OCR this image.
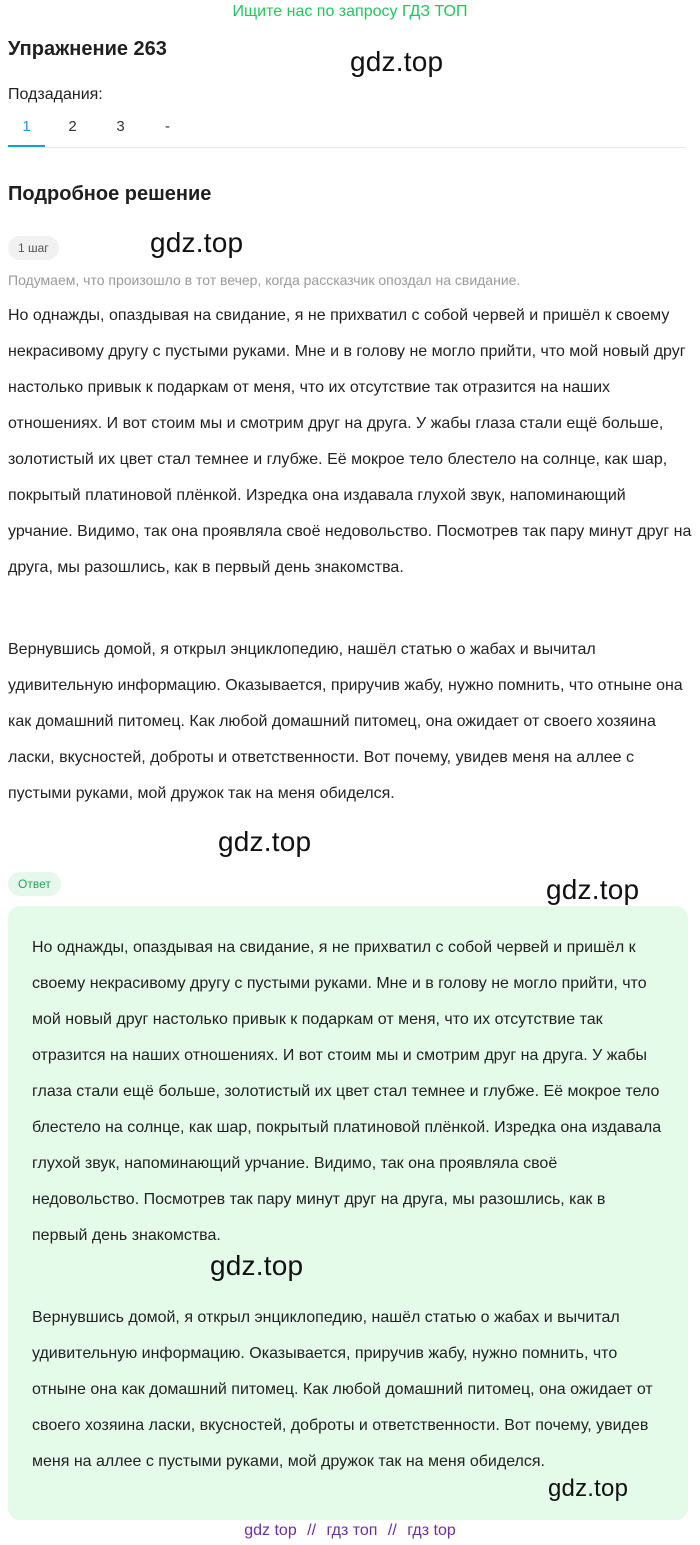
Ищите нас по запросу ГДЗ ТОП
Упражнение 263	gdz.top
Подзадания:
1	2	3	-
Подробное решение
1 шаг	gdz.top
Подумаем, что произошло в тот вечер, когда рассказчик опоздал на свидание.

Но однажды, опаздывая на свидание, я не прихватил с собой червей и пришёл к своему некрасивому другу с пустыми руками. Мне и в голову не могло прийти, что мой новый друг настолько привык к подаркам от меня, что их отсутствие так отразится на наших отношениях. И вот стоим мы и смотрим друг на друга. У жабы глаза стали ещё больше, золотистый их цвет стал темнее и глубже. Её мокрое тело блестело на солнце, как шар, покрытый платиновой плёнкой. Изредка она издавала глухой звук, напоминающий урчание. Видимо, так она проявляла своё недовольство. Посмотрев так пару минут друг на друга, мы разошлись, как в первый день знакомства.

Вернувшись домой, я открыл энциклопедию, нашёл статью о жабах и вычитал удивительную информацию. Оказывается, приручив жабу, нужно помнить, что отныне она как домашний питомец. Как любой домашний питомец, она ожидает от своего хозяина ласки, вкусностей, доброты и ответственности. Вот почему, увидев меня на аллее с пустыми руками, мой дружок так на меня обиделся.

gdz.top
Ответ	gdz.top

Но однажды, опаздывая на свидание, я не прихватил с собой червей и пришёл к своему некрасивому другу с пустыми руками. Мне и в голову не могло прийти, что мой новый друг настолько привык к подаркам от меня, что их отсутствие так отразится на наших отношениях. И вот стоим мы и смотрим друг на друга. У жабы глаза стали ещё больше, золотистый их цвет стал темнее и глубже. Её мокрое тело блестело на солнце, как шар, покрытый платиновой плёнкой. Изредка она издавала глухой звук, напоминающий урчание. Видимо, так она проявляла своё недовольство. Посмотрев так пару минут друг на друга, мы разошлись, как в первый день знакомства.

gdz.top

Вернувшись домой, я открыл энциклопедию, нашёл статью о жабах и вычитал удивительную информацию. Оказывается, приручив жабу, нужно помнить, что отныне она как домашний питомец. Как любой домашний питомец, она ожидает от своего хозяина ласки, вкусностей, доброты и ответственности. Вот почему, увидев меня на аллее с пустыми руками, мой дружок так на меня обиделся.

gdz.top
gdz top // гдз топ // гдз top
